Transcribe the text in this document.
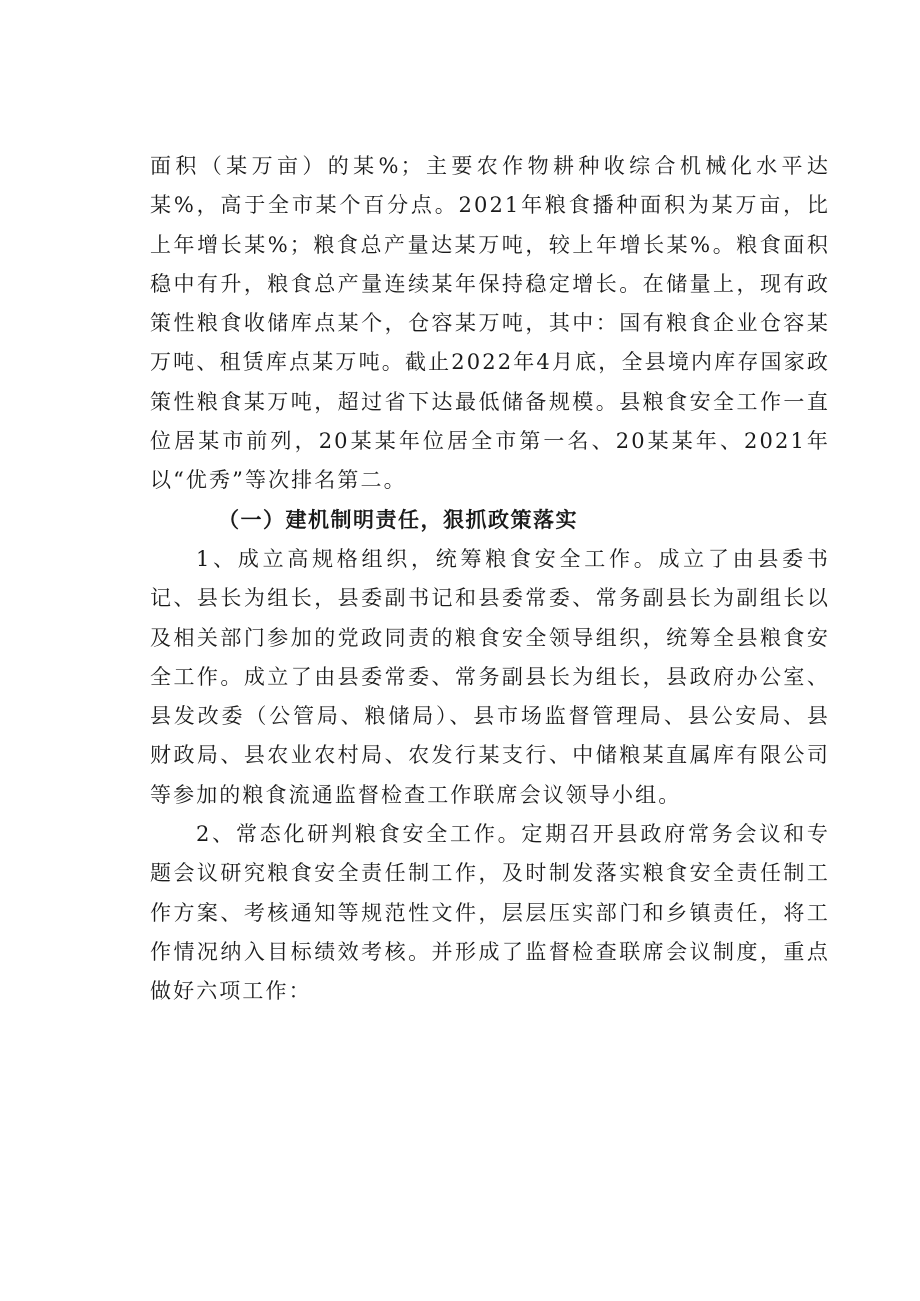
面积（某万亩）的某%；主要农作物耕种收综合机械化水平达某%，高于全市某个百分点。2021年粮食播种面积为某万亩，比上年增长某%；粮食总产量达某万吨，较上年增长某%。粮食面积稳中有升，粮食总产量连续某年保持稳定增长。在储量上，现有政策性粮食收储库点某个，仓容某万吨，其中：国有粮食企业仓容某万吨、租赁库点某万吨。截止2022年4月底，全县境内库存国家政策性粮食某万吨，超过省下达最低储备规模。县粮食安全工作一直位居某市前列，20某某年位居全市第一名、20某某年、2021年以“优秀”等次排名第二。

（一）建机制明责任，狠抓政策落实

1、成立高规格组织，统筹粮食安全工作。成立了由县委书记、县长为组长，县委副书记和县委常委、常务副县长为副组长以及相关部门参加的党政同责的粮食安全领导组织，统筹全县粮食安全工作。成立了由县委常委、常务副县长为组长，县政府办公室、县发改委（公管局、粮储局）、县市场监督管理局、县公安局、县财政局、县农业农村局、农发行某支行、中储粮某直属库有限公司等参加的粮食流通监督检查工作联席会议领导小组。

2、常态化研判粮食安全工作。定期召开县政府常务会议和专题会议研究粮食安全责任制工作，及时制发落实粮食安全责任制工作方案、考核通知等规范性文件，层层压实部门和乡镇责任，将工作情况纳入目标绩效考核。并形成了监督检查联席会议制度，重点做好六项工作：
